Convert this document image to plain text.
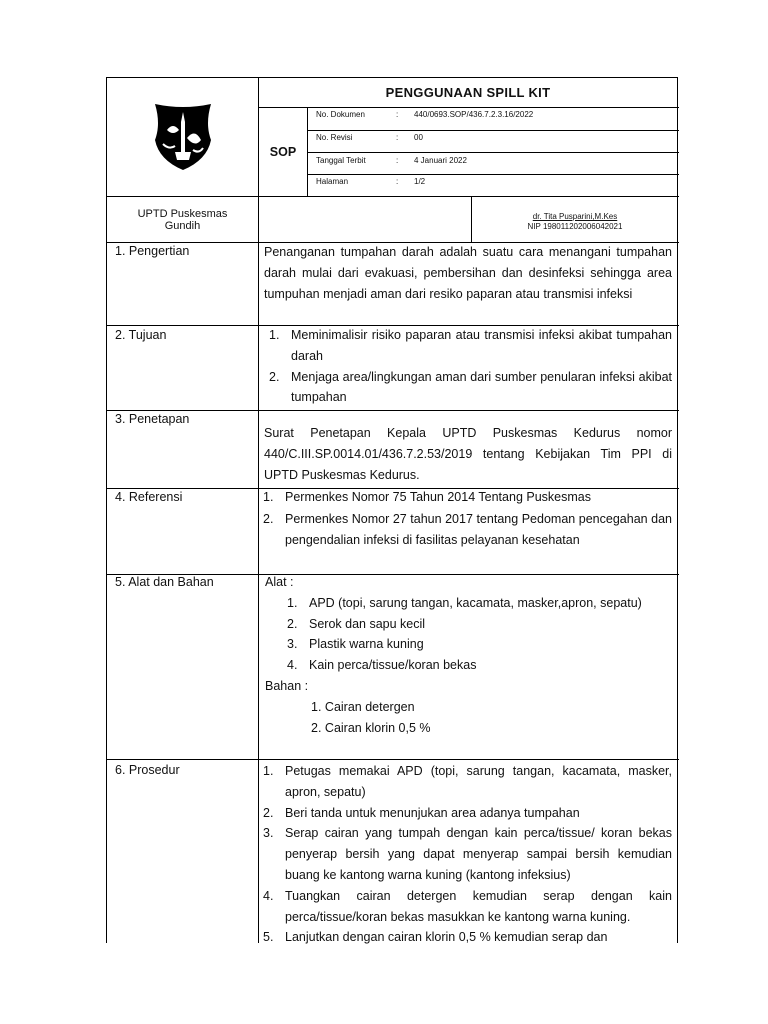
PENGGUNAAN SPILL KIT
SOP
No. Dokumen	: 440/0693.SOP/436.7.2.3.16/2022
No. Revisi	: 00
Tanggal Terbit	: 4 Januari 2022
Halaman	: 1/2
UPTD Puskesmas
Gundih
dr. Tita Pusparini,M.Kes
NIP 198011202006042021
1. Pengertian	Penanganan tumpahan darah adalah suatu cara menangani tumpahan darah mulai dari evakuasi, pembersihan dan desinfeksi sehingga area tumpuhan menjadi aman dari resiko paparan atau transmisi infeksi
2. Tujuan	1. Meminimalisir risiko paparan atau transmisi infeksi akibat tumpahan darah
2. Menjaga area/lingkungan aman dari sumber penularan infeksi akibat tumpahan
3. Penetapan
Surat Penetapan Kepala UPTD Puskesmas Kedurus nomor 440/C.III.SP.0014.01/436.7.2.53/2019 tentang Kebijakan Tim PPI di UPTD Puskesmas Kedurus.
4. Referensi	1. Permenkes Nomor 75 Tahun 2014 Tentang Puskesmas
2. Permenkes Nomor 27 tahun 2017 tentang Pedoman pencegahan dan pengendalian infeksi di fasilitas pelayanan kesehatan
5. Alat dan Bahan	Alat :
1. APD (topi, sarung tangan, kacamata, masker,apron, sepatu)
2. Serok dan sapu kecil
3. Plastik warna kuning
4. Kain perca/tissue/koran bekas
Bahan :
1. Cairan detergen
2. Cairan klorin 0,5 %
6. Prosedur	1. Petugas memakai APD (topi, sarung tangan, kacamata, masker, apron, sepatu)
2. Beri tanda untuk menunjukan area adanya tumpahan
3. Serap cairan yang tumpah dengan kain perca/tissue/ koran bekas penyerap bersih yang dapat menyerap sampai bersih kemudian buang ke kantong warna kuning (kantong infeksius)
4. Tuangkan cairan detergen kemudian serap dengan kain perca/tissue/koran bekas masukkan ke kantong warna kuning.
5. Lanjutkan dengan cairan klorin 0,5 % kemudian serap dan
